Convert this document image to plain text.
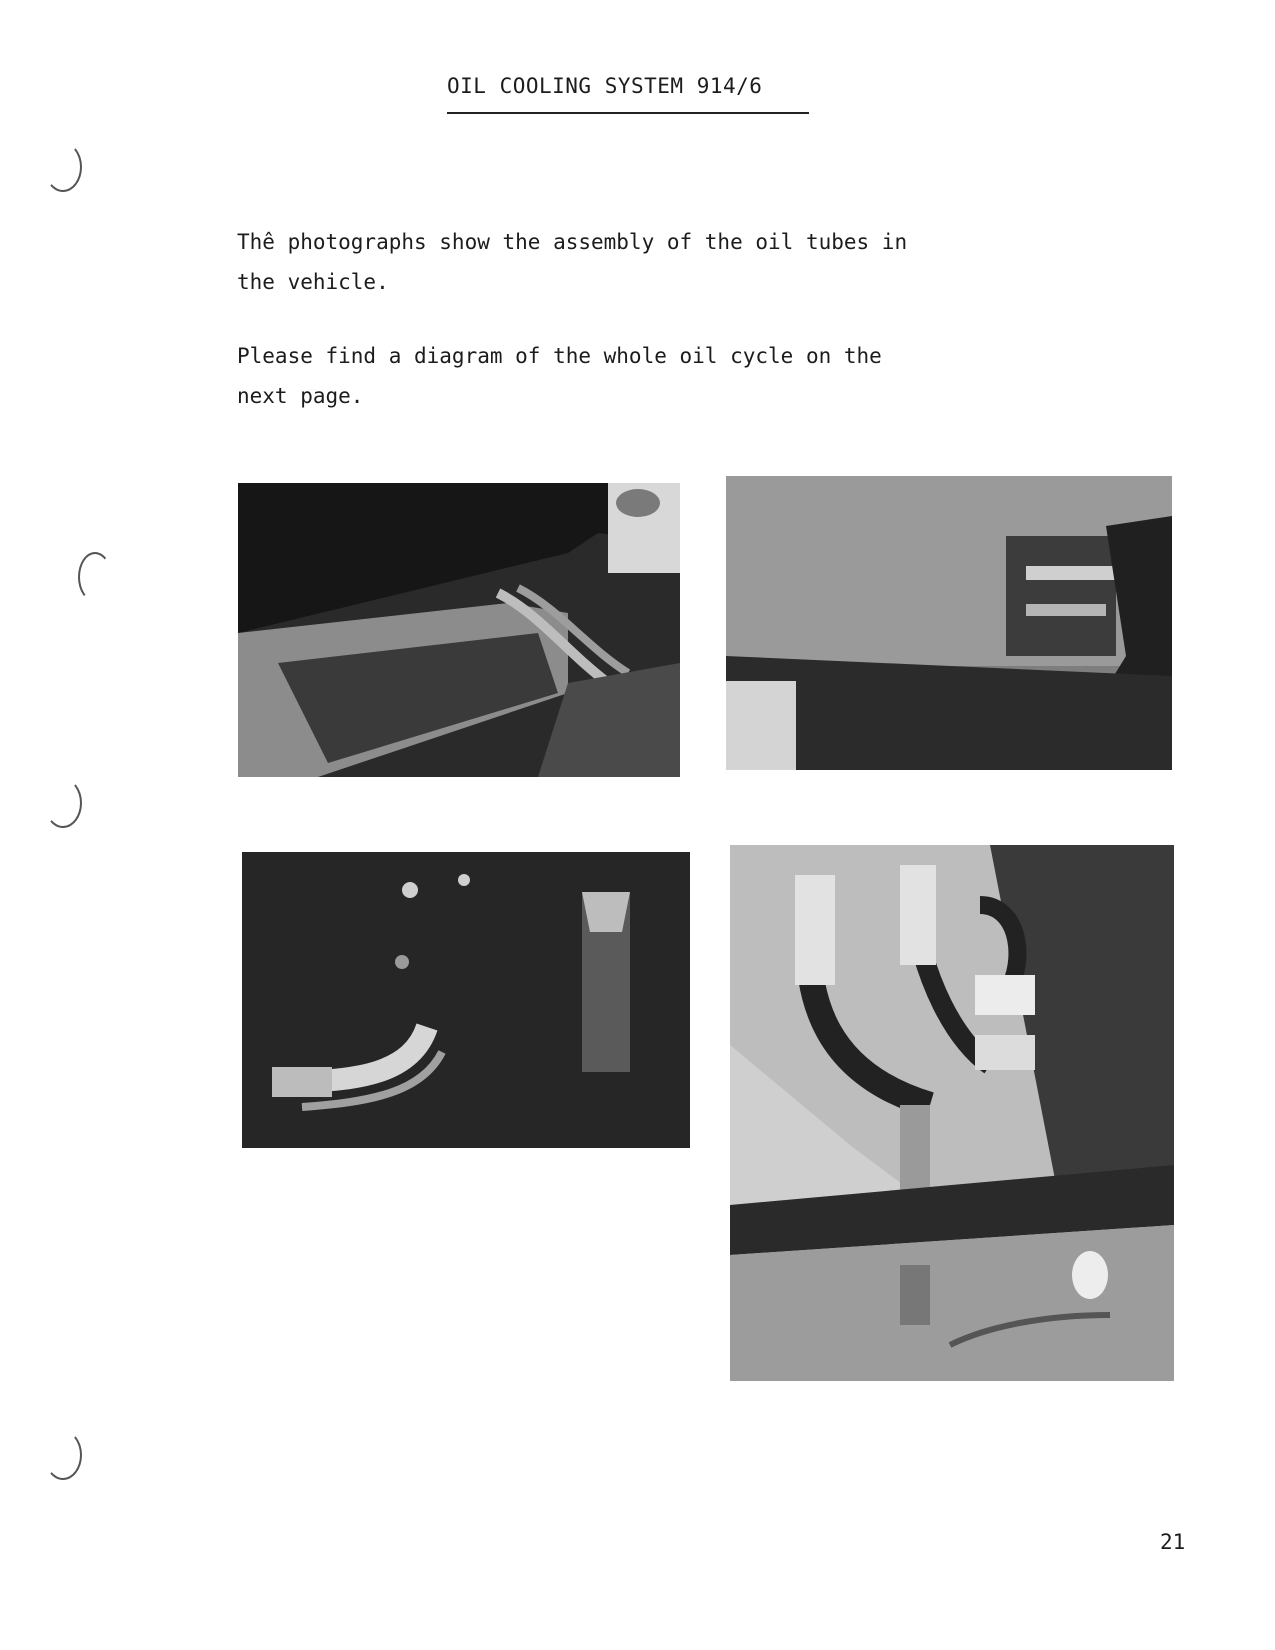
OIL COOLING SYSTEM 914/6
Thê photographs show the assembly of the oil tubes in
the vehicle.
Please find a diagram of the whole oil cycle on the
next page.
21
